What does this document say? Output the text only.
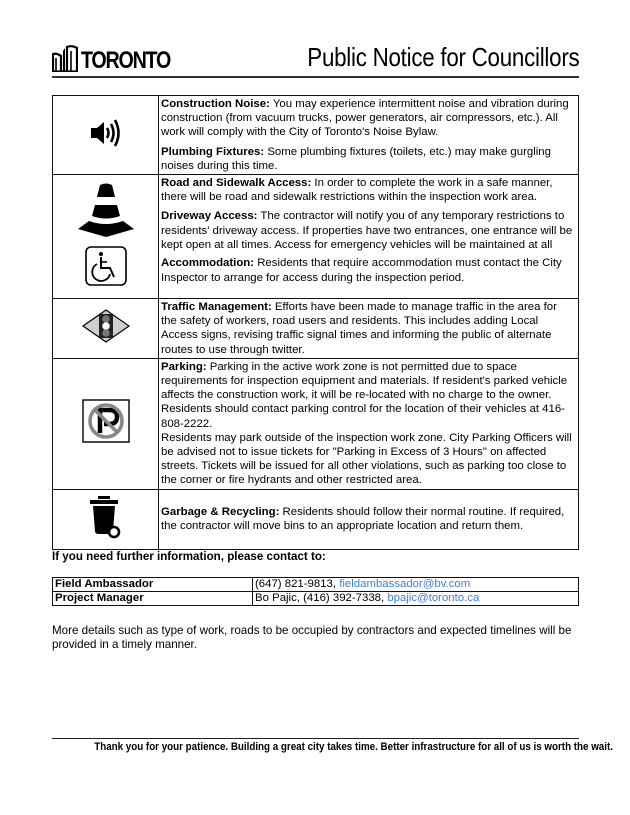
TORONTO	Public Notice for Councillors

Construction Noise: You may experience intermittent noise and vibration during construction (from vacuum trucks, power generators, air compressors, etc.). All work will comply with the City of Toronto's Noise Bylaw.

Plumbing Fixtures: Some plumbing fixtures (toilets, etc.) may make gurgling noises during this time.

Road and Sidewalk Access: In order to complete the work in a safe manner, there will be road and sidewalk restrictions within the inspection work area.

Driveway Access: The contractor will notify you of any temporary restrictions to residents' driveway access. If properties have two entrances, one entrance will be kept open at all times. Access for emergency vehicles will be maintained at all

Accommodation: Residents that require accommodation must contact the City Inspector to arrange for access during the inspection period.

Traffic Management: Efforts have been made to manage traffic in the area for the safety of workers, road users and residents. This includes adding Local Access signs, revising traffic signal times and informing the public of alternate routes to use through twitter.

Parking: Parking in the active work zone is not permitted due to space requirements for inspection equipment and materials. If resident's parked vehicle affects the construction work, it will be re-located with no charge to the owner. Residents should contact parking control for the location of their vehicles at 416-808-2222.

Residents may park outside of the inspection work zone. City Parking Officers will be advised not to issue tickets for "Parking in Excess of 3 Hours" on affected streets. Tickets will be issued for all other violations, such as parking too close to the corner or fire hydrants and other restricted area.

Garbage & Recycling: Residents should follow their normal routine. If required, the contractor will move bins to an appropriate location and return them.

If you need further information, please contact to:
Field Ambassador	(647) 821-9813, fieldambassador@bv.com
Project Manager	Bo Pajic, (416) 392-7338, bpajic@toronto.ca
More details such as type of work, roads to be occupied by contractors and expected timelines will be provided in a timely manner.
Thank you for your patience. Building a great city takes time. Better infrastructure for all of us is worth the wait.
